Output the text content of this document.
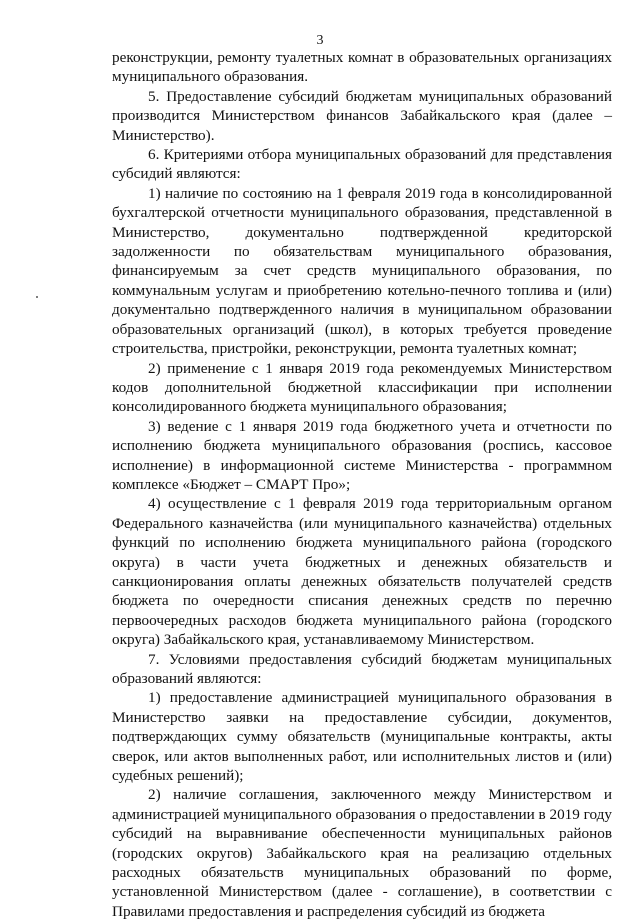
3

реконструкции, ремонту туалетных комнат в образовательных организациях муниципального образования.

5. Предоставление субсидий бюджетам муниципальных образований производится Министерством финансов Забайкальского края (далее – Министерство).

6. Критериями отбора муниципальных образований для представления субсидий являются:

1) наличие по состоянию на 1 февраля 2019 года в консолидированной бухгалтерской отчетности муниципального образования, представленной в Министерство, документально подтвержденной кредиторской задолженности по обязательствам муниципального образования, финансируемым за счет средств муниципального образования, по коммунальным услугам и приобретению котельно-печного топлива и (или) документально подтвержденного наличия в муниципальном образовании образовательных организаций (школ), в которых требуется проведение строительства, пристройки, реконструкции, ремонта туалетных комнат;

2) применение с 1 января 2019 года рекомендуемых Министерством кодов дополнительной бюджетной классификации при исполнении консолидированного бюджета муниципального образования;

3) ведение с 1 января 2019 года бюджетного учета и отчетности по исполнению бюджета муниципального образования (роспись, кассовое исполнение) в информационной системе Министерства - программном комплексе «Бюджет – СМАРТ Про»;

4) осуществление с 1 февраля 2019 года территориальным органом Федерального казначейства (или муниципального казначейства) отдельных функций по исполнению бюджета муниципального района (городского округа) в части учета бюджетных и денежных обязательств и санкционирования оплаты денежных обязательств получателей средств бюджета по очередности списания денежных средств по перечню первоочередных расходов бюджета муниципального района (городского округа) Забайкальского края, устанавливаемому Министерством.

7. Условиями предоставления субсидий бюджетам муниципальных образований являются:

1) предоставление администрацией муниципального образования в Министерство заявки на предоставление субсидии, документов, подтверждающих сумму обязательств (муниципальные контракты, акты сверок, или актов выполненных работ, или исполнительных листов и (или) судебных решений);

2) наличие соглашения, заключенного между Министерством и администрацией муниципального образования о предоставлении в 2019 году субсидий на выравнивание обеспеченности муниципальных районов (городских округов) Забайкальского края на реализацию отдельных расходных обязательств муниципальных образований по форме, установленной Министерством (далее - соглашение), в соответствии с Правилами предоставления и распределения субсидий из бюджета
